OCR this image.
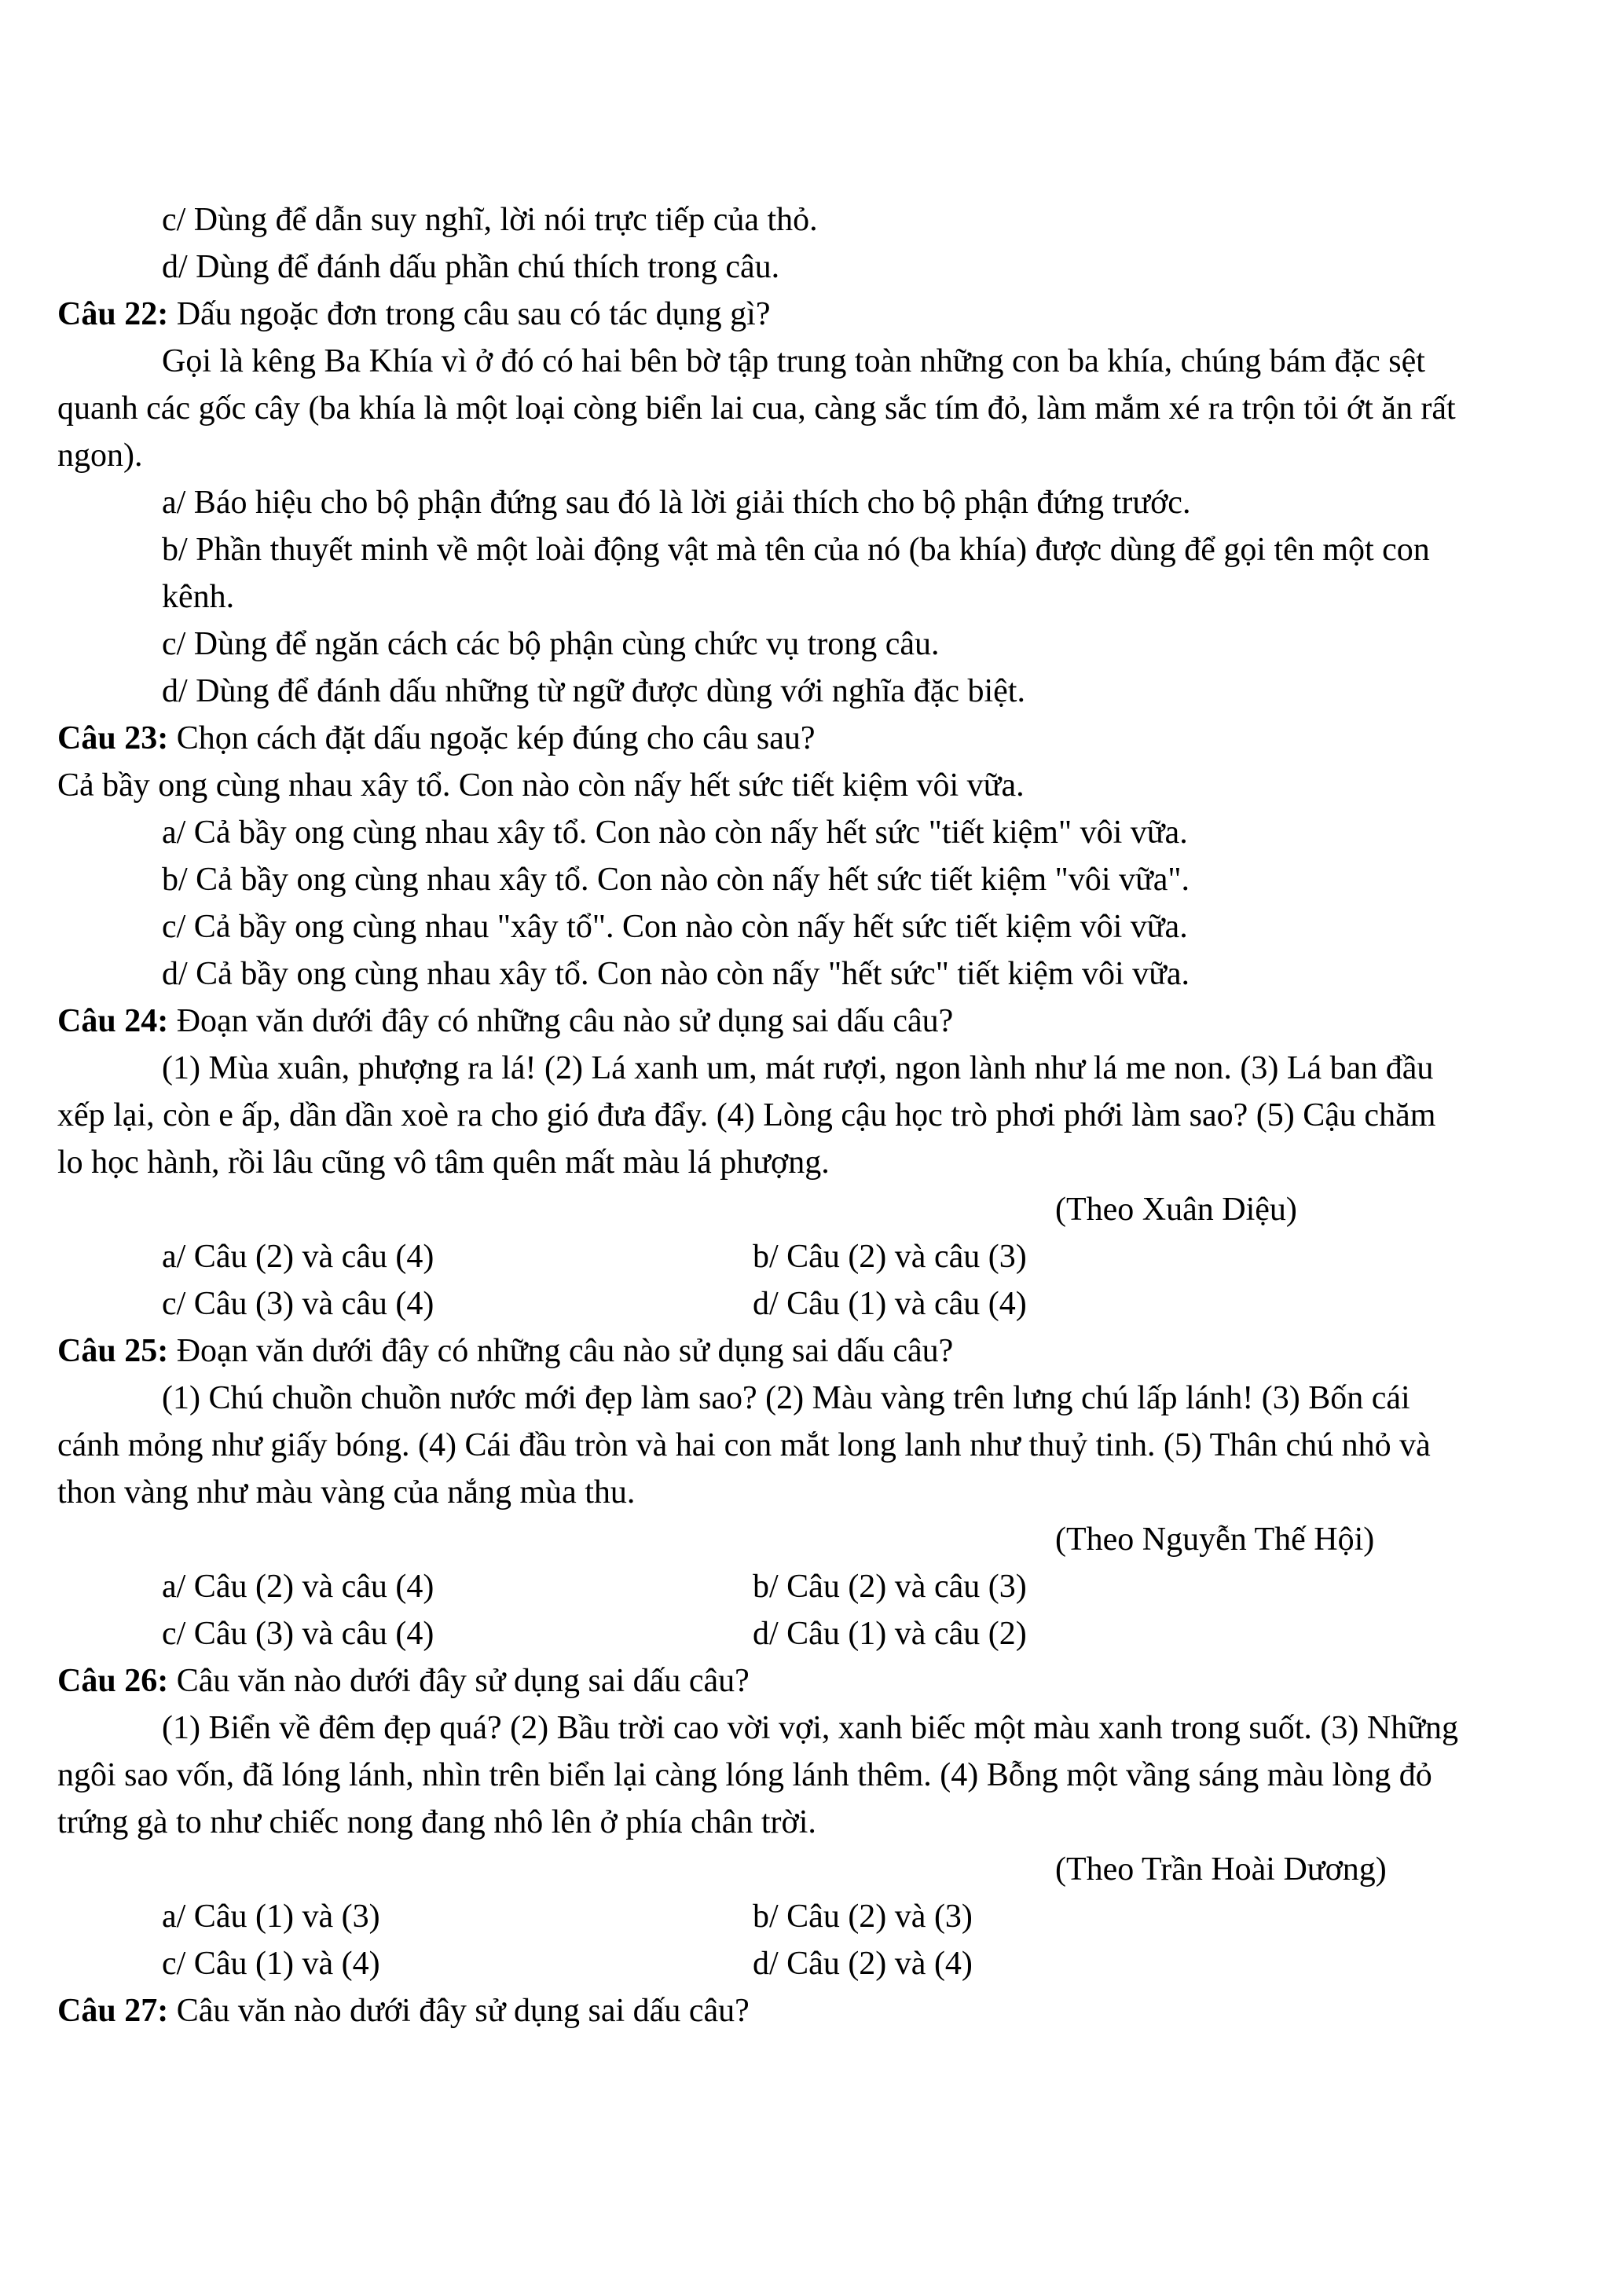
c/ Dùng để dẫn suy nghĩ, lời nói trực tiếp của thỏ.
d/ Dùng để đánh dấu phần chú thích trong câu.
Câu 22: Dấu ngoặc đơn trong câu sau có tác dụng gì?
Gọi là kêng Ba Khía vì ở đó có hai bên bờ tập trung toàn những con ba khía, chúng bám đặc sệt
quanh các gốc cây (ba khía là một loại còng biển lai cua, càng sắc tím đỏ, làm mắm xé ra trộn tỏi ớt ăn rất
ngon).
a/ Báo hiệu cho bộ phận đứng sau đó là lời giải thích cho bộ phận đứng trước.
b/ Phần thuyết minh về một loài động vật mà tên của nó (ba khía) được dùng để gọi tên một con
kênh.
c/ Dùng để ngăn cách các bộ phận cùng chức vụ trong câu.
d/ Dùng để đánh dấu những từ ngữ được dùng với nghĩa đặc biệt.
Câu 23: Chọn cách đặt dấu ngoặc kép đúng cho câu sau?
Cả bầy ong cùng nhau xây tổ. Con nào còn nấy hết sức tiết kiệm vôi vữa.
a/ Cả bầy ong cùng nhau xây tổ. Con nào còn nấy hết sức "tiết kiệm" vôi vữa.
b/ Cả bầy ong cùng nhau xây tổ. Con nào còn nấy hết sức tiết kiệm "vôi vữa".
c/ Cả bầy ong cùng nhau "xây tổ". Con nào còn nấy hết sức tiết kiệm vôi vữa.
d/ Cả bầy ong cùng nhau xây tổ. Con nào còn nấy "hết sức" tiết kiệm vôi vữa.
Câu 24: Đoạn văn dưới đây có những câu nào sử dụng sai dấu câu?
(1) Mùa xuân, phượng ra lá! (2) Lá xanh um, mát rượi, ngon lành như lá me non. (3) Lá ban đầu
xếp lại, còn e ấp, dần dần xoè ra cho gió đưa đẩy. (4) Lòng cậu học trò phơi phới làm sao? (5) Cậu chăm
lo học hành, rồi lâu cũng vô tâm quên mất màu lá phượng.
(Theo Xuân Diệu)
a/ Câu (2) và câu (4)	b/ Câu (2) và câu (3)
c/ Câu (3) và câu (4)	d/ Câu (1) và câu (4)
Câu 25: Đoạn văn dưới đây có những câu nào sử dụng sai dấu câu?
(1) Chú chuồn chuồn nước mới đẹp làm sao? (2) Màu vàng trên lưng chú lấp lánh! (3) Bốn cái
cánh mỏng như giấy bóng. (4) Cái đầu tròn và hai con mắt long lanh như thuỷ tinh. (5) Thân chú nhỏ và
thon vàng như màu vàng của nắng mùa thu.
(Theo Nguyễn Thế Hội)
a/ Câu (2) và câu (4)	b/ Câu (2) và câu (3)
c/ Câu (3) và câu (4)	d/ Câu (1) và câu (2)
Câu 26: Câu văn nào dưới đây sử dụng sai dấu câu?
(1) Biển về đêm đẹp quá? (2) Bầu trời cao vời vợi, xanh biếc một màu xanh trong suốt. (3) Những
ngôi sao vốn, đã lóng lánh, nhìn trên biển lại càng lóng lánh thêm. (4) Bỗng một vầng sáng màu lòng đỏ
trứng gà to như chiếc nong đang nhô lên ở phía chân trời.
(Theo Trần Hoài Dương)
a/ Câu (1) và (3)	b/ Câu (2) và (3)
c/ Câu (1) và (4)	d/ Câu (2) và (4)
Câu 27: Câu văn nào dưới đây sử dụng sai dấu câu?
